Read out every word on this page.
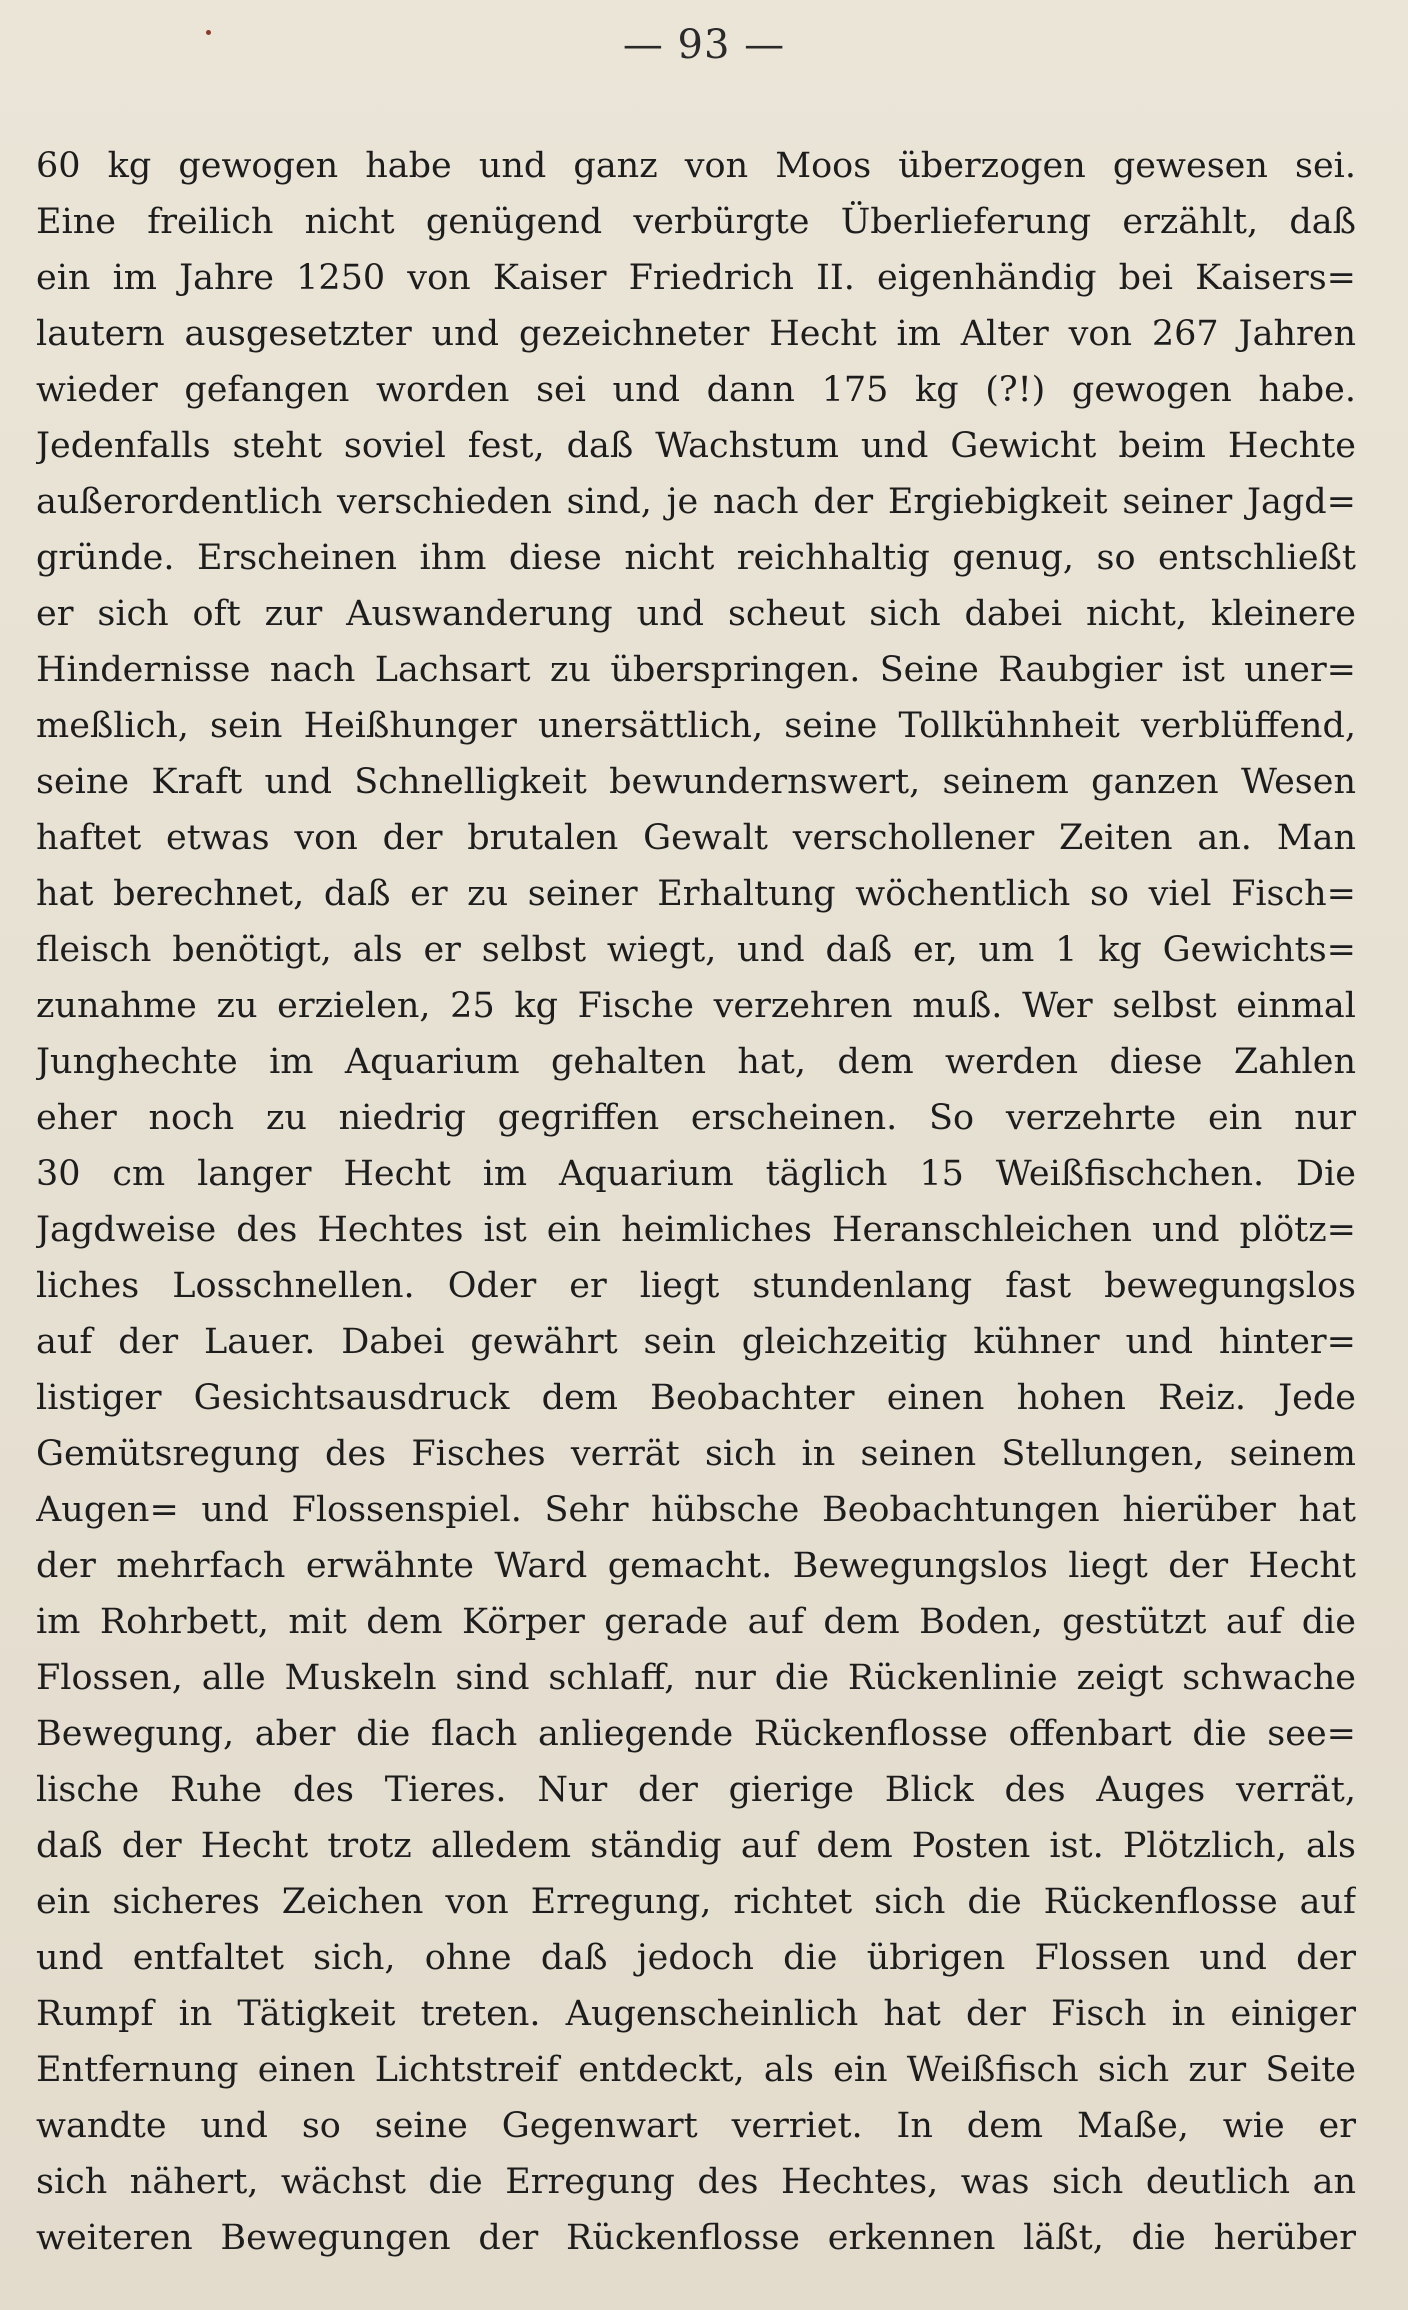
— 93 —
60 kg gewogen habe und ganz von Moos überzogen gewesen sei.
Eine freilich nicht genügend verbürgte Überlieferung erzählt, daß
ein im Jahre 1250 von Kaiser Friedrich II. eigenhändig bei Kaisers=
lautern ausgesetzter und gezeichneter Hecht im Alter von 267 Jahren
wieder gefangen worden sei und dann 175 kg (?!) gewogen habe.
Jedenfalls steht soviel fest, daß Wachstum und Gewicht beim Hechte
außerordentlich verschieden sind, je nach der Ergiebigkeit seiner Jagd=
gründe. Erscheinen ihm diese nicht reichhaltig genug, so entschließt
er sich oft zur Auswanderung und scheut sich dabei nicht, kleinere
Hindernisse nach Lachsart zu überspringen. Seine Raubgier ist uner=
meßlich, sein Heißhunger unersättlich, seine Tollkühnheit verblüffend,
seine Kraft und Schnelligkeit bewundernswert, seinem ganzen Wesen
haftet etwas von der brutalen Gewalt verschollener Zeiten an. Man
hat berechnet, daß er zu seiner Erhaltung wöchentlich so viel Fisch=
fleisch benötigt, als er selbst wiegt, und daß er, um 1 kg Gewichts=
zunahme zu erzielen, 25 kg Fische verzehren muß. Wer selbst einmal
Junghechte im Aquarium gehalten hat, dem werden diese Zahlen
eher noch zu niedrig gegriffen erscheinen. So verzehrte ein nur
30 cm langer Hecht im Aquarium täglich 15 Weißfischchen. Die
Jagdweise des Hechtes ist ein heimliches Heranschleichen und plötz=
liches Losschnellen. Oder er liegt stundenlang fast bewegungslos
auf der Lauer. Dabei gewährt sein gleichzeitig kühner und hinter=
listiger Gesichtsausdruck dem Beobachter einen hohen Reiz. Jede
Gemütsregung des Fisches verrät sich in seinen Stellungen, seinem
Augen= und Flossenspiel. Sehr hübsche Beobachtungen hierüber hat
der mehrfach erwähnte Ward gemacht. Bewegungslos liegt der Hecht
im Rohrbett, mit dem Körper gerade auf dem Boden, gestützt auf die
Flossen, alle Muskeln sind schlaff, nur die Rückenlinie zeigt schwache
Bewegung, aber die flach anliegende Rückenflosse offenbart die see=
lische Ruhe des Tieres. Nur der gierige Blick des Auges verrät,
daß der Hecht trotz alledem ständig auf dem Posten ist. Plötzlich, als
ein sicheres Zeichen von Erregung, richtet sich die Rückenflosse auf
und entfaltet sich, ohne daß jedoch die übrigen Flossen und der
Rumpf in Tätigkeit treten. Augenscheinlich hat der Fisch in einiger
Entfernung einen Lichtstreif entdeckt, als ein Weißfisch sich zur Seite
wandte und so seine Gegenwart verriet. In dem Maße, wie er
sich nähert, wächst die Erregung des Hechtes, was sich deutlich an
weiteren Bewegungen der Rückenflosse erkennen läßt, die herüber
